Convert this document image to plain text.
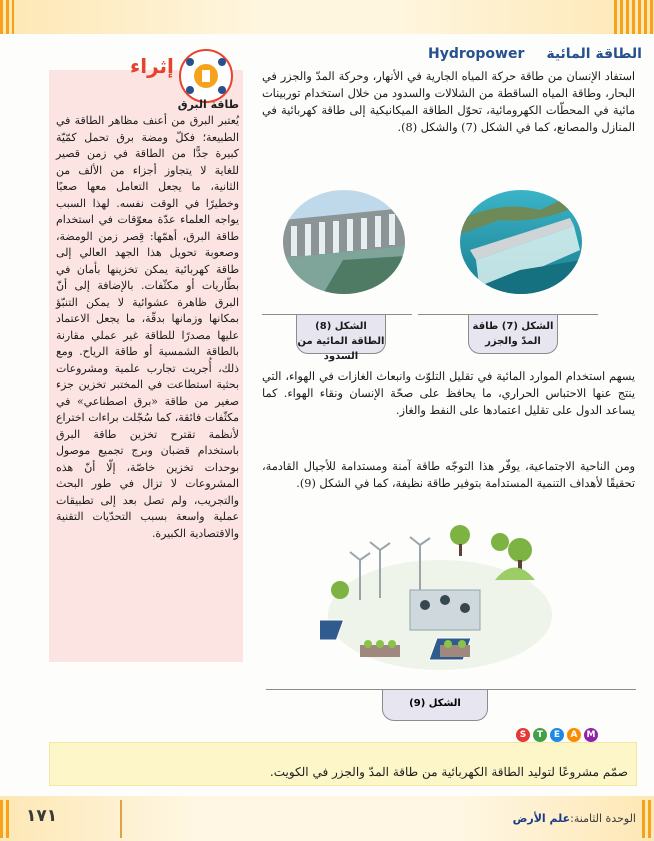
الطاقة المائيةHydropower
استفاد الإنسان من طاقة حركة المياه الجارية في الأنهار، وحركة المدّ والجزر في البحار، وطاقة المياه الساقطة من الشلالات والسدود من خلال استخدام توربينات مائية في المحطّات الكهرومائية، تحوّل الطاقة الميكانيكية إلى طاقة كهربائية في المنازل والمصانع، كما في الشكل (7) والشكل (8).
الشكل (7) طاقة المدّ والجزر
الشكل (8) الطاقة المائية من السدود
يسهم استخدام الموارد المائية في تقليل التلوّث وانبعاث الغازات في الهواء، التي ينتج عنها الاحتباس الحراري، ما يحافظ على صحّة الإنسان ونقاء الهواء. كما يساعد الدول على تقليل اعتمادها على النفط والغاز.
ومن الناحية الاجتماعية، يوفّر هذا التوجّه طاقة آمنة ومستدامة للأجيال القادمة، تحقيقًا لأهداف التنمية المستدامة بتوفير طاقة نظيفة، كما في الشكل (9).
الشكل (9)
إثراء
طاقة البرق
يُعتبر البرق من أعنف مظاهر الطاقة في الطبيعة؛ فكلّ ومضة برق تحمل كمّيّة كبيرة جدًّا من الطاقة في زمن قصير للغاية لا يتجاوز أجزاء من الألف من الثانية، ما يجعل التعامل معها صعبًا وخطيرًا في الوقت نفسه. لهذا السبب يواجه العلماء عدّة معوّقات في استخدام طاقة البرق، أهمّها: قِصر زمن الومضة، وصعوبة تحويل هذا الجهد العالي إلى طاقة كهربائية يمكن تخزينها بأمان في بطّاريات أو مكثّفات. بالإضافة إلى أنّ البرق ظاهرة عشوائية لا يمكن التنبّؤ بمكانها وزمانها بدقّة، ما يجعل الاعتماد عليها مصدرًا للطاقة غير عملي مقارنة بالطاقة الشمسية أو طاقة الرياح. ومع ذلك، أُجريت تجارب علمية ومشروعات بحثية استطاعت في المختبر تخزين جزء صغير من طاقة «برق اصطناعي» في مكثّفات فائقة، كما سُجّلت براءات اختراع لأنظمة تقترح تخزين طاقة البرق باستخدام قضبان وبرج تجميع موصول بوحدات تخزين خاصّة، إلّا أنّ هذه المشروعات لا تزال في طور البحث والتجريب، ولم تصل بعد إلى تطبيقات عملية واسعة بسبب التحدّيات التقنية والاقتصادية الكبيرة.
S	T	E	A	M
صمّم مشروعًا لتوليد الطاقة الكهربائية من طاقة المدّ والجزر في الكويت.
١٧١	الوحدة الثامنة:علم الأرض
